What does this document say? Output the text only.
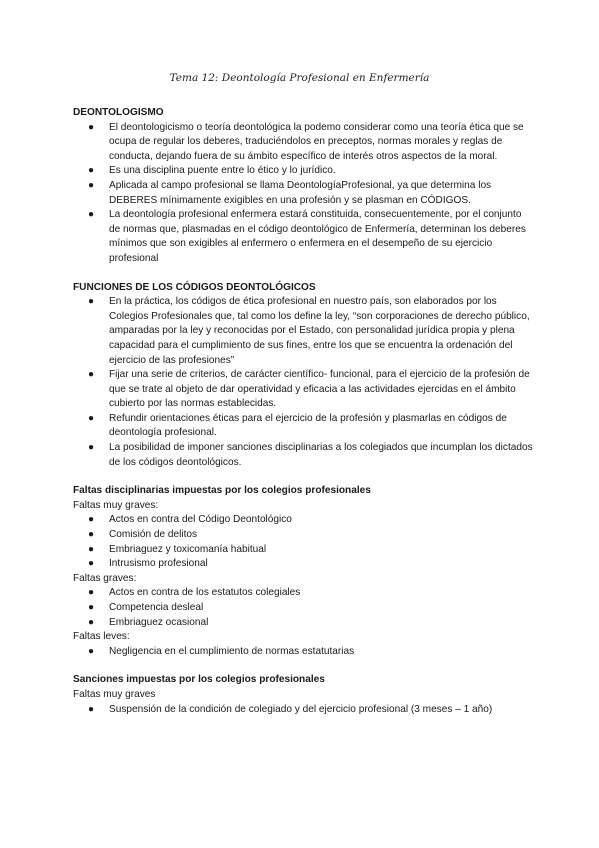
Tema 12: Deontología Profesional en Enfermería

DEONTOLOGISMO

● El deontologicismo o teoría deontológica la podemo considerar como una teoría ética que se ocupa de regular los deberes, traduciéndolos en preceptos, normas morales y reglas de conducta, dejando fuera de su ámbito específico de interés otros aspectos de la moral.
● Es una disciplina puente entre lo ético y lo jurídico.
● Aplicada al campo profesional se llama DeontologíaProfesional, ya que determina los DEBERES mínimamente exigibles en una profesión y se plasman en CÓDIGOS.
● La deontología profesional enfermera estará constituida, consecuentemente, por el conjunto de normas que, plasmadas en el código deontológico de Enfermería, determinan los deberes mínimos que son exigibles al enfermero o enfermera en el desempeño de su ejercicio profesional

FUNCIONES DE LOS CÓDIGOS DEONTOLÓGICOS

● En la práctica, los códigos de ética profesional en nuestro país, son elaborados por los Colegios Profesionales que, tal como los define la ley, “son corporaciones de derecho público, amparadas por la ley y reconocidas por el Estado, con personalidad jurídica propia y plena capacidad para el cumplimiento de sus fines, entre los que se encuentra la ordenación del ejercicio de las profesiones”
● Fijar una serie de criterios, de carácter científico- funcional, para el ejercicio de la profesión de que se trate al objeto de dar operatividad y eficacia a las actividades ejercidas en el ámbito cubierto por las normas establecidas.
● Refundir orientaciones éticas para el ejercicio de la profesión y plasmarlas en códigos de deontología profesional.
● La posibilidad de imponer sanciones disciplinarias a los colegiados que incumplan los dictados de los códigos deontológicos.

Faltas disciplinarias impuestas por los colegios profesionales

Faltas muy graves:

● Actos en contra del Código Deontológico
● Comisión de delitos
● Embriaguez y toxicomanía habitual
● Intrusismo profesional

Faltas graves:

● Actos en contra de los estatutos colegiales
● Competencia desleal
● Embriaguez ocasional

Faltas leves:

● Negligencia en el cumplimiento de normas estatutarias

Sanciones impuestas por los colegios profesionales

Faltas muy graves

● Suspensión de la condición de colegiado y del ejercicio profesional (3 meses – 1 año)
